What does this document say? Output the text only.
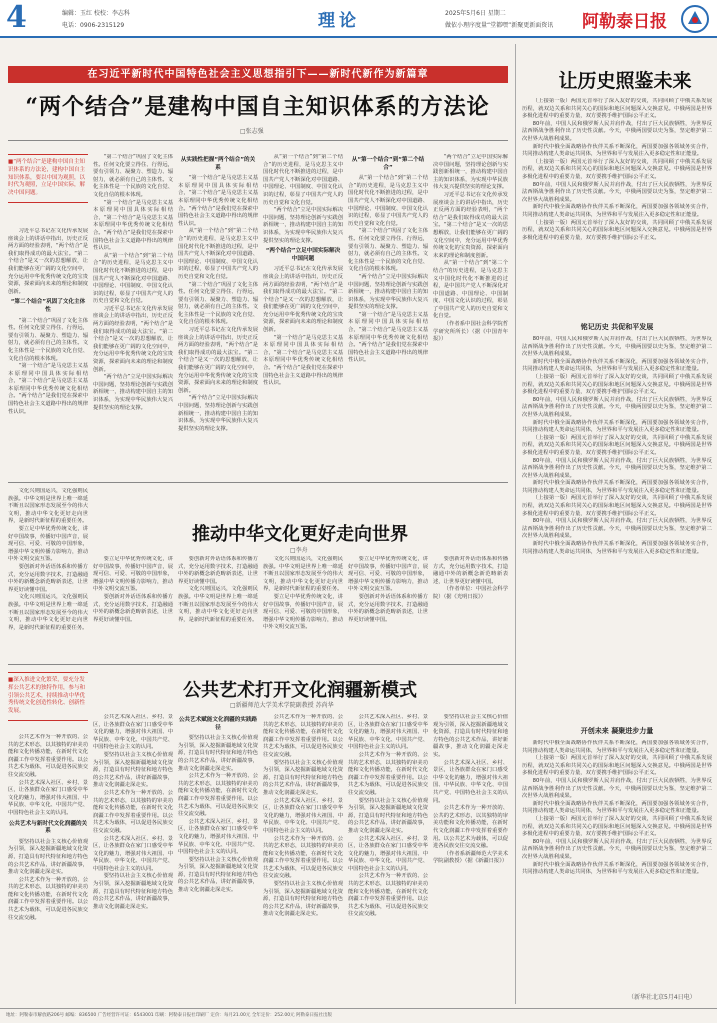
4	编辑：玉红 校校：李志科
电话：0906-2315129	理论	2025年5月6日 星期二
做依小理序度量“堂都嘿”新聚更新面资讯 阿勒泰日报
在习近平新时代中国特色社会主义思想指引下——新时代新作为新篇章
“两个结合”是建构中国自主知识体系的方法论
□张志强
■“两个结合”是建构中国自主知识体系的方法论，建构中国自主知识体系，要以中国为观照，以时代为观照，立足中国实际，解决中国问题。

习近平总书记在文化传承发展座谈会上的讲话中指出，历史正反两方面的经验表明，“两个结合”是我们取得成功的最大法宝。“第二个结合”是又一次的思想解放，让我们能够在更广阔的文化空间中，充分运用中华优秀传统文化的宝贵资源，探索面向未来的理论和制度创新。

“第二个结合”巩固了文化主体性

“第二个结合”巩固了文化主体性。任何文化要立得住、行得远，要有引领力、凝聚力、塑造力、辐射力，就必须有自己的主体性。文化主体性是一个民族的文化自觉、文化自信的根本体现。

“第一个结合”是马克思主义基本原理同中国具体实际相结合，“第二个结合”是马克思主义基本原理同中华优秀传统文化相结合。“两个结合”是我们党在探索中国特色社会主义道路中得出的规律性认识。

“第二个结合”巩固了文化主体性。任何文化要立得住、行得远，要有引领力、凝聚力、塑造力、辐射力，就必须有自己的主体性。文化主体性是一个民族的文化自觉、文化自信的根本体现。

“第一个结合”是马克思主义基本原理同中国具体实际相结合，“第二个结合”是马克思主义基本原理同中华优秀传统文化相结合。“两个结合”是我们党在探索中国特色社会主义道路中得出的规律性认识。

从“第一个结合”到“第二个结合”的历史进程，是马克思主义中国化时代化不断推进的过程，是中国共产党人不断深化对中国道路、中国理论、中国制度、中国文化认识的过程，彰显了中国共产党人的历史自觉和文化自觉。

习近平总书记在文化传承发展座谈会上的讲话中指出，历史正反两方面的经验表明，“两个结合”是我们取得成功的最大法宝。“第二个结合”是又一次的思想解放，让我们能够在更广阔的文化空间中，充分运用中华优秀传统文化的宝贵资源，探索面向未来的理论和制度创新。

“两个结合”立足中国实际解决中国问题，坚持理论创新与实践创新相统一，推动构建中国自主的知识体系，为实现中华民族伟大复兴提供坚实的理论支撑。

从实践性把握“两个结合”的关系

“第一个结合”是马克思主义基本原理同中国具体实际相结合，“第二个结合”是马克思主义基本原理同中华优秀传统文化相结合。“两个结合”是我们党在探索中国特色社会主义道路中得出的规律性认识。

从“第一个结合”到“第二个结合”的历史进程，是马克思主义中国化时代化不断推进的过程，是中国共产党人不断深化对中国道路、中国理论、中国制度、中国文化认识的过程，彰显了中国共产党人的历史自觉和文化自觉。

“第二个结合”巩固了文化主体性。任何文化要立得住、行得远，要有引领力、凝聚力、塑造力、辐射力，就必须有自己的主体性。文化主体性是一个民族的文化自觉、文化自信的根本体现。

习近平总书记在文化传承发展座谈会上的讲话中指出，历史正反两方面的经验表明，“两个结合”是我们取得成功的最大法宝。“第二个结合”是又一次的思想解放，让我们能够在更广阔的文化空间中，充分运用中华优秀传统文化的宝贵资源，探索面向未来的理论和制度创新。

“两个结合”立足中国实际解决中国问题，坚持理论创新与实践创新相统一，推动构建中国自主的知识体系，为实现中华民族伟大复兴提供坚实的理论支撑。

从“第一个结合”到“第二个结合”的历史进程，是马克思主义中国化时代化不断推进的过程，是中国共产党人不断深化对中国道路、中国理论、中国制度、中国文化认识的过程，彰显了中国共产党人的历史自觉和文化自觉。

“两个结合”立足中国实际解决中国问题，坚持理论创新与实践创新相统一，推动构建中国自主的知识体系，为实现中华民族伟大复兴提供坚实的理论支撑。

“两个结合”立足中国实际解决中国问题

习近平总书记在文化传承发展座谈会上的讲话中指出，历史正反两方面的经验表明，“两个结合”是我们取得成功的最大法宝。“第二个结合”是又一次的思想解放，让我们能够在更广阔的文化空间中，充分运用中华优秀传统文化的宝贵资源，探索面向未来的理论和制度创新。

“第一个结合”是马克思主义基本原理同中国具体实际相结合，“第二个结合”是马克思主义基本原理同中华优秀传统文化相结合。“两个结合”是我们党在探索中国特色社会主义道路中得出的规律性认识。

从“第一个结合”到“第二个结合”

从“第一个结合”到“第二个结合”的历史进程，是马克思主义中国化时代化不断推进的过程，是中国共产党人不断深化对中国道路、中国理论、中国制度、中国文化认识的过程，彰显了中国共产党人的历史自觉和文化自觉。

“第二个结合”巩固了文化主体性。任何文化要立得住、行得远，要有引领力、凝聚力、塑造力、辐射力，就必须有自己的主体性。文化主体性是一个民族的文化自觉、文化自信的根本体现。

“两个结合”立足中国实际解决中国问题，坚持理论创新与实践创新相统一，推动构建中国自主的知识体系，为实现中华民族伟大复兴提供坚实的理论支撑。

“第一个结合”是马克思主义基本原理同中国具体实际相结合，“第二个结合”是马克思主义基本原理同中华优秀传统文化相结合。“两个结合”是我们党在探索中国特色社会主义道路中得出的规律性认识。

“两个结合”立足中国实际解决中国问题，坚持理论创新与实践创新相统一，推动构建中国自主的知识体系，为实现中华民族伟大复兴提供坚实的理论支撑。

习近平总书记在文化传承发展座谈会上的讲话中指出，历史正反两方面的经验表明，“两个结合”是我们取得成功的最大法宝。“第二个结合”是又一次的思想解放，让我们能够在更广阔的文化空间中，充分运用中华优秀传统文化的宝贵资源，探索面向未来的理论和制度创新。

从“第一个结合”到“第二个结合”的历史进程，是马克思主义中国化时代化不断推进的过程，是中国共产党人不断深化对中国道路、中国理论、中国制度、中国文化认识的过程，彰显了中国共产党人的历史自觉和文化自觉。

（作者系中国社会科学院哲学研究所所长）（据《中国青年报》）

让历史照鉴未来

（上接第一版）两国元首举行了深入友好的交谈，共同回顾了中俄关系发展历程，就双边关系和共同关心的国际和地区问题深入交换意见。中俄两国是世界多极化进程中的重要力量，双方要携手维护国际公平正义。

80年前，中国人民和俄罗斯人民并肩作战，付出了巨大民族牺牲，为世界反法西斯战争胜利作出了历史性贡献。今天，中俄两国要以史为鉴，坚定维护第二次世界大战胜利成果。

新时代中俄全面战略协作伙伴关系不断深化，两国要加强各领域务实合作，共同推动构建人类命运共同体，为世界和平与发展注入更多稳定性和正能量。

（上接第一版）两国元首举行了深入友好的交谈，共同回顾了中俄关系发展历程，就双边关系和共同关心的国际和地区问题深入交换意见。中俄两国是世界多极化进程中的重要力量，双方要携手维护国际公平正义。

80年前，中国人民和俄罗斯人民并肩作战，付出了巨大民族牺牲，为世界反法西斯战争胜利作出了历史性贡献。今天，中俄两国要以史为鉴，坚定维护第二次世界大战胜利成果。

新时代中俄全面战略协作伙伴关系不断深化，两国要加强各领域务实合作，共同推动构建人类命运共同体，为世界和平与发展注入更多稳定性和正能量。

（上接第一版）两国元首举行了深入友好的交谈，共同回顾了中俄关系发展历程，就双边关系和共同关心的国际和地区问题深入交换意见。中俄两国是世界多极化进程中的重要力量，双方要携手维护国际公平正义。

铭记历史 共促和平发展

80年前，中国人民和俄罗斯人民并肩作战，付出了巨大民族牺牲，为世界反法西斯战争胜利作出了历史性贡献。今天，中俄两国要以史为鉴，坚定维护第二次世界大战胜利成果。

新时代中俄全面战略协作伙伴关系不断深化，两国要加强各领域务实合作，共同推动构建人类命运共同体，为世界和平与发展注入更多稳定性和正能量。

（上接第一版）两国元首举行了深入友好的交谈，共同回顾了中俄关系发展历程，就双边关系和共同关心的国际和地区问题深入交换意见。中俄两国是世界多极化进程中的重要力量，双方要携手维护国际公平正义。

80年前，中国人民和俄罗斯人民并肩作战，付出了巨大民族牺牲，为世界反法西斯战争胜利作出了历史性贡献。今天，中俄两国要以史为鉴，坚定维护第二次世界大战胜利成果。

新时代中俄全面战略协作伙伴关系不断深化，两国要加强各领域务实合作，共同推动构建人类命运共同体，为世界和平与发展注入更多稳定性和正能量。

（上接第一版）两国元首举行了深入友好的交谈，共同回顾了中俄关系发展历程，就双边关系和共同关心的国际和地区问题深入交换意见。中俄两国是世界多极化进程中的重要力量，双方要携手维护国际公平正义。

80年前，中国人民和俄罗斯人民并肩作战，付出了巨大民族牺牲，为世界反法西斯战争胜利作出了历史性贡献。今天，中俄两国要以史为鉴，坚定维护第二次世界大战胜利成果。

新时代中俄全面战略协作伙伴关系不断深化，两国要加强各领域务实合作，共同推动构建人类命运共同体，为世界和平与发展注入更多稳定性和正能量。

（上接第一版）两国元首举行了深入友好的交谈，共同回顾了中俄关系发展历程，就双边关系和共同关心的国际和地区问题深入交换意见。中俄两国是世界多极化进程中的重要力量，双方要携手维护国际公平正义。

80年前，中国人民和俄罗斯人民并肩作战，付出了巨大民族牺牲，为世界反法西斯战争胜利作出了历史性贡献。今天，中俄两国要以史为鉴，坚定维护第二次世界大战胜利成果。

新时代中俄全面战略协作伙伴关系不断深化，两国要加强各领域务实合作，共同推动构建人类命运共同体，为世界和平与发展注入更多稳定性和正能量。

开创未来 凝聚进步力量

新时代中俄全面战略协作伙伴关系不断深化，两国要加强各领域务实合作，共同推动构建人类命运共同体，为世界和平与发展注入更多稳定性和正能量。

（上接第一版）两国元首举行了深入友好的交谈，共同回顾了中俄关系发展历程，就双边关系和共同关心的国际和地区问题深入交换意见。中俄两国是世界多极化进程中的重要力量，双方要携手维护国际公平正义。

80年前，中国人民和俄罗斯人民并肩作战，付出了巨大民族牺牲，为世界反法西斯战争胜利作出了历史性贡献。今天，中俄两国要以史为鉴，坚定维护第二次世界大战胜利成果。

新时代中俄全面战略协作伙伴关系不断深化，两国要加强各领域务实合作，共同推动构建人类命运共同体，为世界和平与发展注入更多稳定性和正能量。

（上接第一版）两国元首举行了深入友好的交谈，共同回顾了中俄关系发展历程，就双边关系和共同关心的国际和地区问题深入交换意见。中俄两国是世界多极化进程中的重要力量，双方要携手维护国际公平正义。

80年前，中国人民和俄罗斯人民并肩作战，付出了巨大民族牺牲，为世界反法西斯战争胜利作出了历史性贡献。今天，中俄两国要以史为鉴，坚定维护第二次世界大战胜利成果。

新时代中俄全面战略协作伙伴关系不断深化，两国要加强各领域务实合作，共同推动构建人类命运共同体，为世界和平与发展注入更多稳定性和正能量。

（新华社北京5月4日电）

文化兴则国运兴，文化强则民族强。中华文明是世界上唯一绵延不断且以国家形态发展至今的伟大文明，推动中华文化更好走向世界，是新时代新征程的重要任务。

要立足中华优秀传统文化，讲好中国故事，传播好中国声音，展现可信、可爱、可敬的中国形象，增强中华文明传播力影响力，推动中外文明交流互鉴。

要创新对外话语体系和传播方式，充分运用数字技术，打造融通中外的新概念新范畴新表述，让世界更好读懂中国。

文化兴则国运兴，文化强则民族强。中华文明是世界上唯一绵延不断且以国家形态发展至今的伟大文明，推动中华文化更好走向世界，是新时代新征程的重要任务。

推动中华文化更好走向世界
□李舟

要立足中华优秀传统文化，讲好中国故事，传播好中国声音，展现可信、可爱、可敬的中国形象，增强中华文明传播力影响力，推动中外文明交流互鉴。

要创新对外话语体系和传播方式，充分运用数字技术，打造融通中外的新概念新范畴新表述，让世界更好读懂中国。

要创新对外话语体系和传播方式，充分运用数字技术，打造融通中外的新概念新范畴新表述，让世界更好读懂中国。

文化兴则国运兴，文化强则民族强。中华文明是世界上唯一绵延不断且以国家形态发展至今的伟大文明，推动中华文化更好走向世界，是新时代新征程的重要任务。

文化兴则国运兴，文化强则民族强。中华文明是世界上唯一绵延不断且以国家形态发展至今的伟大文明，推动中华文化更好走向世界，是新时代新征程的重要任务。

要立足中华优秀传统文化，讲好中国故事，传播好中国声音，展现可信、可爱、可敬的中国形象，增强中华文明传播力影响力，推动中外文明交流互鉴。

要立足中华优秀传统文化，讲好中国故事，传播好中国声音，展现可信、可爱、可敬的中国形象，增强中华文明传播力影响力，推动中外文明交流互鉴。

要创新对外话语体系和传播方式，充分运用数字技术，打造融通中外的新概念新范畴新表述，让世界更好读懂中国。

要创新对外话语体系和传播方式，充分运用数字技术，打造融通中外的新概念新范畴新表述，让世界更好读懂中国。

（作者单位：中国社会科学院）（据《光明日报》）

■深入推进文化繁荣，要充分发挥公共艺术的独特作用，参与和引领公共艺术，持续推动中华优秀传统文化创造性转化、创新性发展。
公共艺术打开文化润疆新模式
□新疆师范大学美术学院副教授 苏尚华

公共艺术作为一种开放的、公共的艺术形态，以其独特的审美功能和文化传播功能，在新时代文化润疆工作中发挥着重要作用。以公共艺术为载体，可以促进各民族交往交流交融。

公共艺术深入社区、乡村、景区，让各族群众在家门口感受中华文化的魅力，增强对伟大祖国、中华民族、中华文化、中国共产党、中国特色社会主义的认同。

公共艺术与新时代文化润疆的关系

要坚持以社会主义核心价值观为引领，深入挖掘新疆地域文化资源，打造具有时代特征和地方特色的公共艺术作品，讲好新疆故事，推动文化润疆走深走实。

公共艺术作为一种开放的、公共的艺术形态，以其独特的审美功能和文化传播功能，在新时代文化润疆工作中发挥着重要作用。以公共艺术为载体，可以促进各民族交往交流交融。

公共艺术深入社区、乡村、景区，让各族群众在家门口感受中华文化的魅力，增强对伟大祖国、中华民族、中华文化、中国共产党、中国特色社会主义的认同。

要坚持以社会主义核心价值观为引领，深入挖掘新疆地域文化资源，打造具有时代特征和地方特色的公共艺术作品，讲好新疆故事，推动文化润疆走深走实。

公共艺术作为一种开放的、公共的艺术形态，以其独特的审美功能和文化传播功能，在新时代文化润疆工作中发挥着重要作用。以公共艺术为载体，可以促进各民族交往交流交融。

公共艺术深入社区、乡村、景区，让各族群众在家门口感受中华文化的魅力，增强对伟大祖国、中华民族、中华文化、中国共产党、中国特色社会主义的认同。

要坚持以社会主义核心价值观为引领，深入挖掘新疆地域文化资源，打造具有时代特征和地方特色的公共艺术作品，讲好新疆故事，推动文化润疆走深走实。

公共艺术赋能文化润疆的实践路径

要坚持以社会主义核心价值观为引领，深入挖掘新疆地域文化资源，打造具有时代特征和地方特色的公共艺术作品，讲好新疆故事，推动文化润疆走深走实。

公共艺术作为一种开放的、公共的艺术形态，以其独特的审美功能和文化传播功能，在新时代文化润疆工作中发挥着重要作用。以公共艺术为载体，可以促进各民族交往交流交融。

公共艺术深入社区、乡村、景区，让各族群众在家门口感受中华文化的魅力，增强对伟大祖国、中华民族、中华文化、中国共产党、中国特色社会主义的认同。

要坚持以社会主义核心价值观为引领，深入挖掘新疆地域文化资源，打造具有时代特征和地方特色的公共艺术作品，讲好新疆故事，推动文化润疆走深走实。

公共艺术作为一种开放的、公共的艺术形态，以其独特的审美功能和文化传播功能，在新时代文化润疆工作中发挥着重要作用。以公共艺术为载体，可以促进各民族交往交流交融。

要坚持以社会主义核心价值观为引领，深入挖掘新疆地域文化资源，打造具有时代特征和地方特色的公共艺术作品，讲好新疆故事，推动文化润疆走深走实。

公共艺术深入社区、乡村、景区，让各族群众在家门口感受中华文化的魅力，增强对伟大祖国、中华民族、中华文化、中国共产党、中国特色社会主义的认同。

公共艺术作为一种开放的、公共的艺术形态，以其独特的审美功能和文化传播功能，在新时代文化润疆工作中发挥着重要作用。以公共艺术为载体，可以促进各民族交往交流交融。

要坚持以社会主义核心价值观为引领，深入挖掘新疆地域文化资源，打造具有时代特征和地方特色的公共艺术作品，讲好新疆故事，推动文化润疆走深走实。

公共艺术深入社区、乡村、景区，让各族群众在家门口感受中华文化的魅力，增强对伟大祖国、中华民族、中华文化、中国共产党、中国特色社会主义的认同。

公共艺术作为一种开放的、公共的艺术形态，以其独特的审美功能和文化传播功能，在新时代文化润疆工作中发挥着重要作用。以公共艺术为载体，可以促进各民族交往交流交融。

要坚持以社会主义核心价值观为引领，深入挖掘新疆地域文化资源，打造具有时代特征和地方特色的公共艺术作品，讲好新疆故事，推动文化润疆走深走实。

公共艺术深入社区、乡村、景区，让各族群众在家门口感受中华文化的魅力，增强对伟大祖国、中华民族、中华文化、中国共产党、中国特色社会主义的认同。

公共艺术作为一种开放的、公共的艺术形态，以其独特的审美功能和文化传播功能，在新时代文化润疆工作中发挥着重要作用。以公共艺术为载体，可以促进各民族交往交流交融。

要坚持以社会主义核心价值观为引领，深入挖掘新疆地域文化资源，打造具有时代特征和地方特色的公共艺术作品，讲好新疆故事，推动文化润疆走深走实。

公共艺术深入社区、乡村、景区，让各族群众在家门口感受中华文化的魅力，增强对伟大祖国、中华民族、中华文化、中国共产党、中国特色社会主义的认同。

公共艺术作为一种开放的、公共的艺术形态，以其独特的审美功能和文化传播功能，在新时代文化润疆工作中发挥着重要作用。以公共艺术为载体，可以促进各民族交往交流交融。

（作者系新疆师范大学美术学院副教授）（据《新疆日报》）

地址：阿勒泰市解放路206号 邮编：836500 广告经营许可证：6543001 印刷：阿勒泰日报社印刷厂 定价：每月21.00元 全年定价：252.00元 阿勒泰日报社出版
